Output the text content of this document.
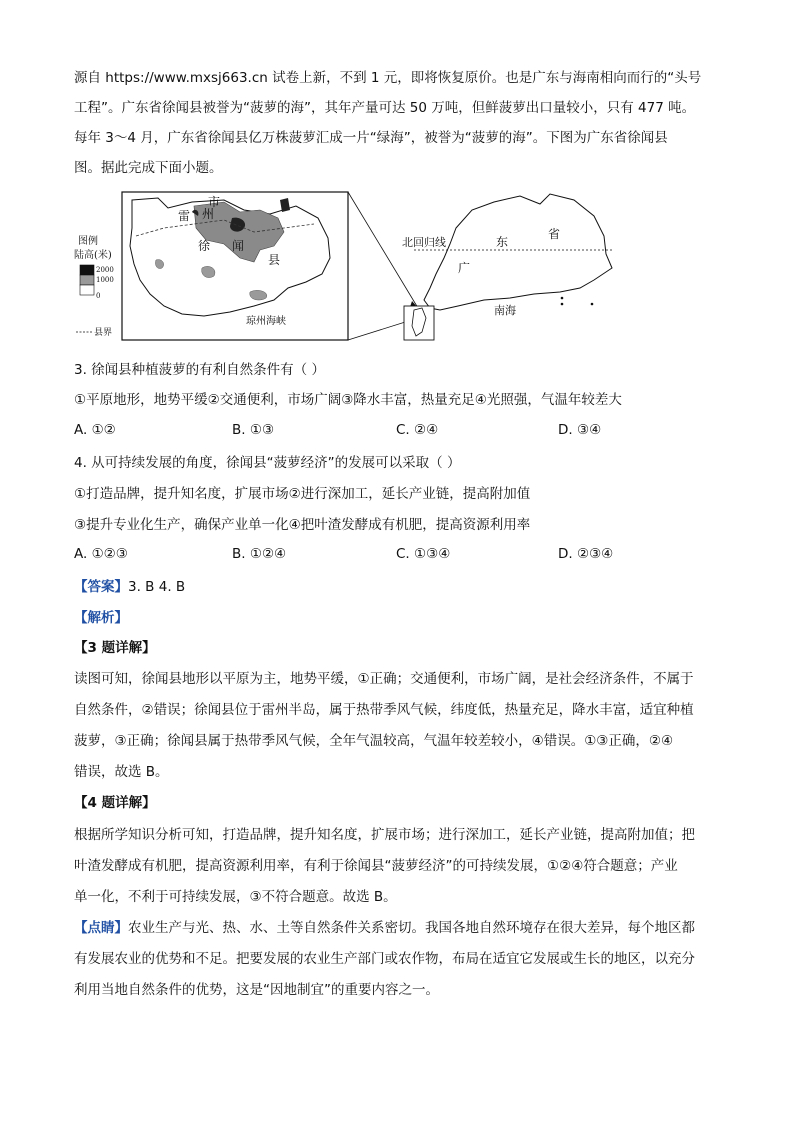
源自 https://www.mxsj663.cn 试卷上新，不到 1 元，即将恢复原价。也是广东与海南相向而行的“头号
工程”。广东省徐闻县被誉为“菠萝的海”，其年产量可达 50 万吨，但鲜菠萝出口量较小，只有 477 吨。
每年 3～4 月，广东省徐闻县亿万株菠萝汇成一片“绿海”，被誉为“菠萝的海”。下图为广东省徐闻县
图。据此完成下面小题。
雷 州
市
徐 闻
县
琼州海峡
图例
陆高(米)
2000
1000
0
县界
北回归线	东
省
广
南海
3. 徐闻县种植菠萝的有利自然条件有（ ）
①平原地形，地势平缓②交通便利，市场广阔③降水丰富，热量充足④光照强，气温年较差大
A. ①②	B. ①③	C. ②④	D. ③④
4. 从可持续发展的角度，徐闻县“菠萝经济”的发展可以采取（ ）
①打造品牌，提升知名度，扩展市场②进行深加工，延长产业链，提高附加值
③提升专业化生产，确保产业单一化④把叶渣发酵成有机肥，提高资源利用率
A. ①②③	B. ①②④	C. ①③④	D. ②③④
【答案】3. B 4. B
【解析】
【3 题详解】
读图可知，徐闻县地形以平原为主，地势平缓，①正确；交通便利，市场广阔，是社会经济条件，不属于
自然条件，②错误；徐闻县位于雷州半岛，属于热带季风气候，纬度低，热量充足，降水丰富，适宜种植
菠萝，③正确；徐闻县属于热带季风气候，全年气温较高，气温年较差较小，④错误。①③正确，②④
错误，故选 B。
【4 题详解】
根据所学知识分析可知，打造品牌，提升知名度，扩展市场；进行深加工，延长产业链，提高附加值；把
叶渣发酵成有机肥，提高资源利用率，有利于徐闻县“菠萝经济”的可持续发展，①②④符合题意；产业
单一化，不利于可持续发展，③不符合题意。故选 B。
【点睛】农业生产与光、热、水、土等自然条件关系密切。我国各地自然环境存在很大差异，每个地区都
有发展农业的优势和不足。把要发展的农业生产部门或农作物，布局在适宜它发展或生长的地区，以充分
利用当地自然条件的优势，这是“因地制宜”的重要内容之一。
